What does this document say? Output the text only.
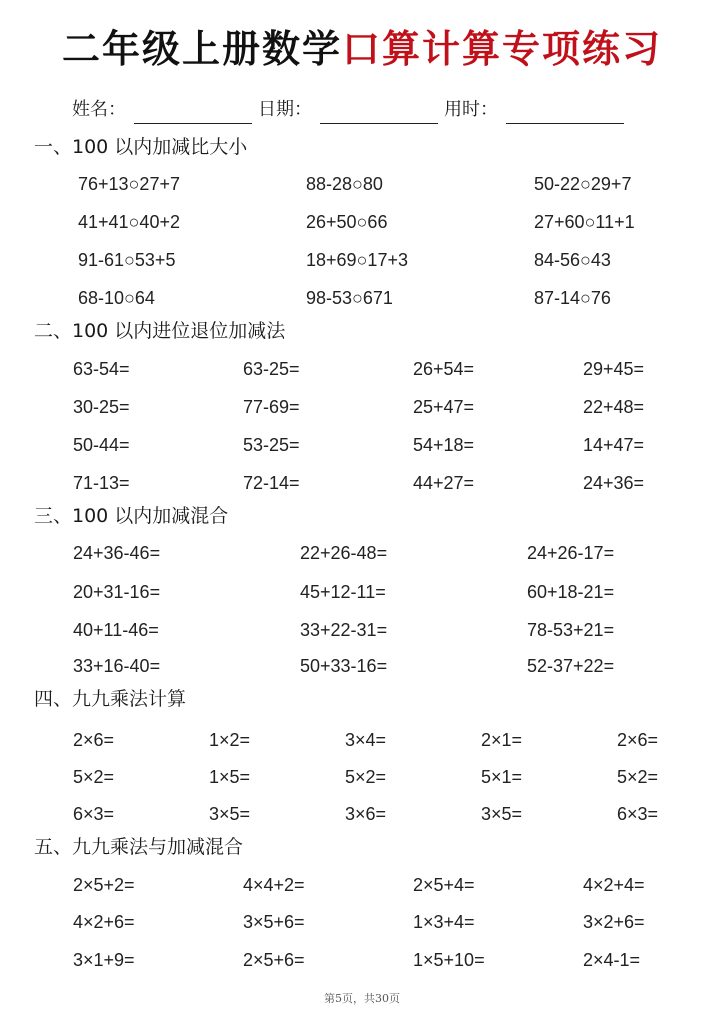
二年级上册数学口算计算专项练习
姓名：	日期：	用时：
一、100 以内加减比大小
76+13○27+7	88-28○80	50-22○29+7
41+41○40+2	26+50○66	27+60○11+1
91-61○53+5	18+69○17+3	84-56○43
68-10○64	98-53○671	87-14○76
二、100 以内进位退位加减法
63-54=	63-25=	26+54=	29+45=
30-25=	77-69=	25+47=	22+48=
50-44=	53-25=	54+18=	14+47=
71-13=	72-14=	44+27=	24+36=
三、100 以内加减混合
24+36-46=	22+26-48=	24+26-17=
20+31-16=	45+12-11=	60+18-21=
40+11-46=	33+22-31=	78-53+21=
33+16-40=	50+33-16=	52-37+22=
四、九九乘法计算
2×6=	1×2=	3×4=	2×1=	2×6=
5×2=	1×5=	5×2=	5×1=	5×2=
6×3=	3×5=	3×6=	3×5=	6×3=
五、九九乘法与加减混合
2×5+2=	4×4+2=	2×5+4=	4×2+4=
4×2+6=	3×5+6=	1×3+4=	3×2+6=
3×1+9=	2×5+6=	1×5+10=	2×4-1=
第5页，共30页
